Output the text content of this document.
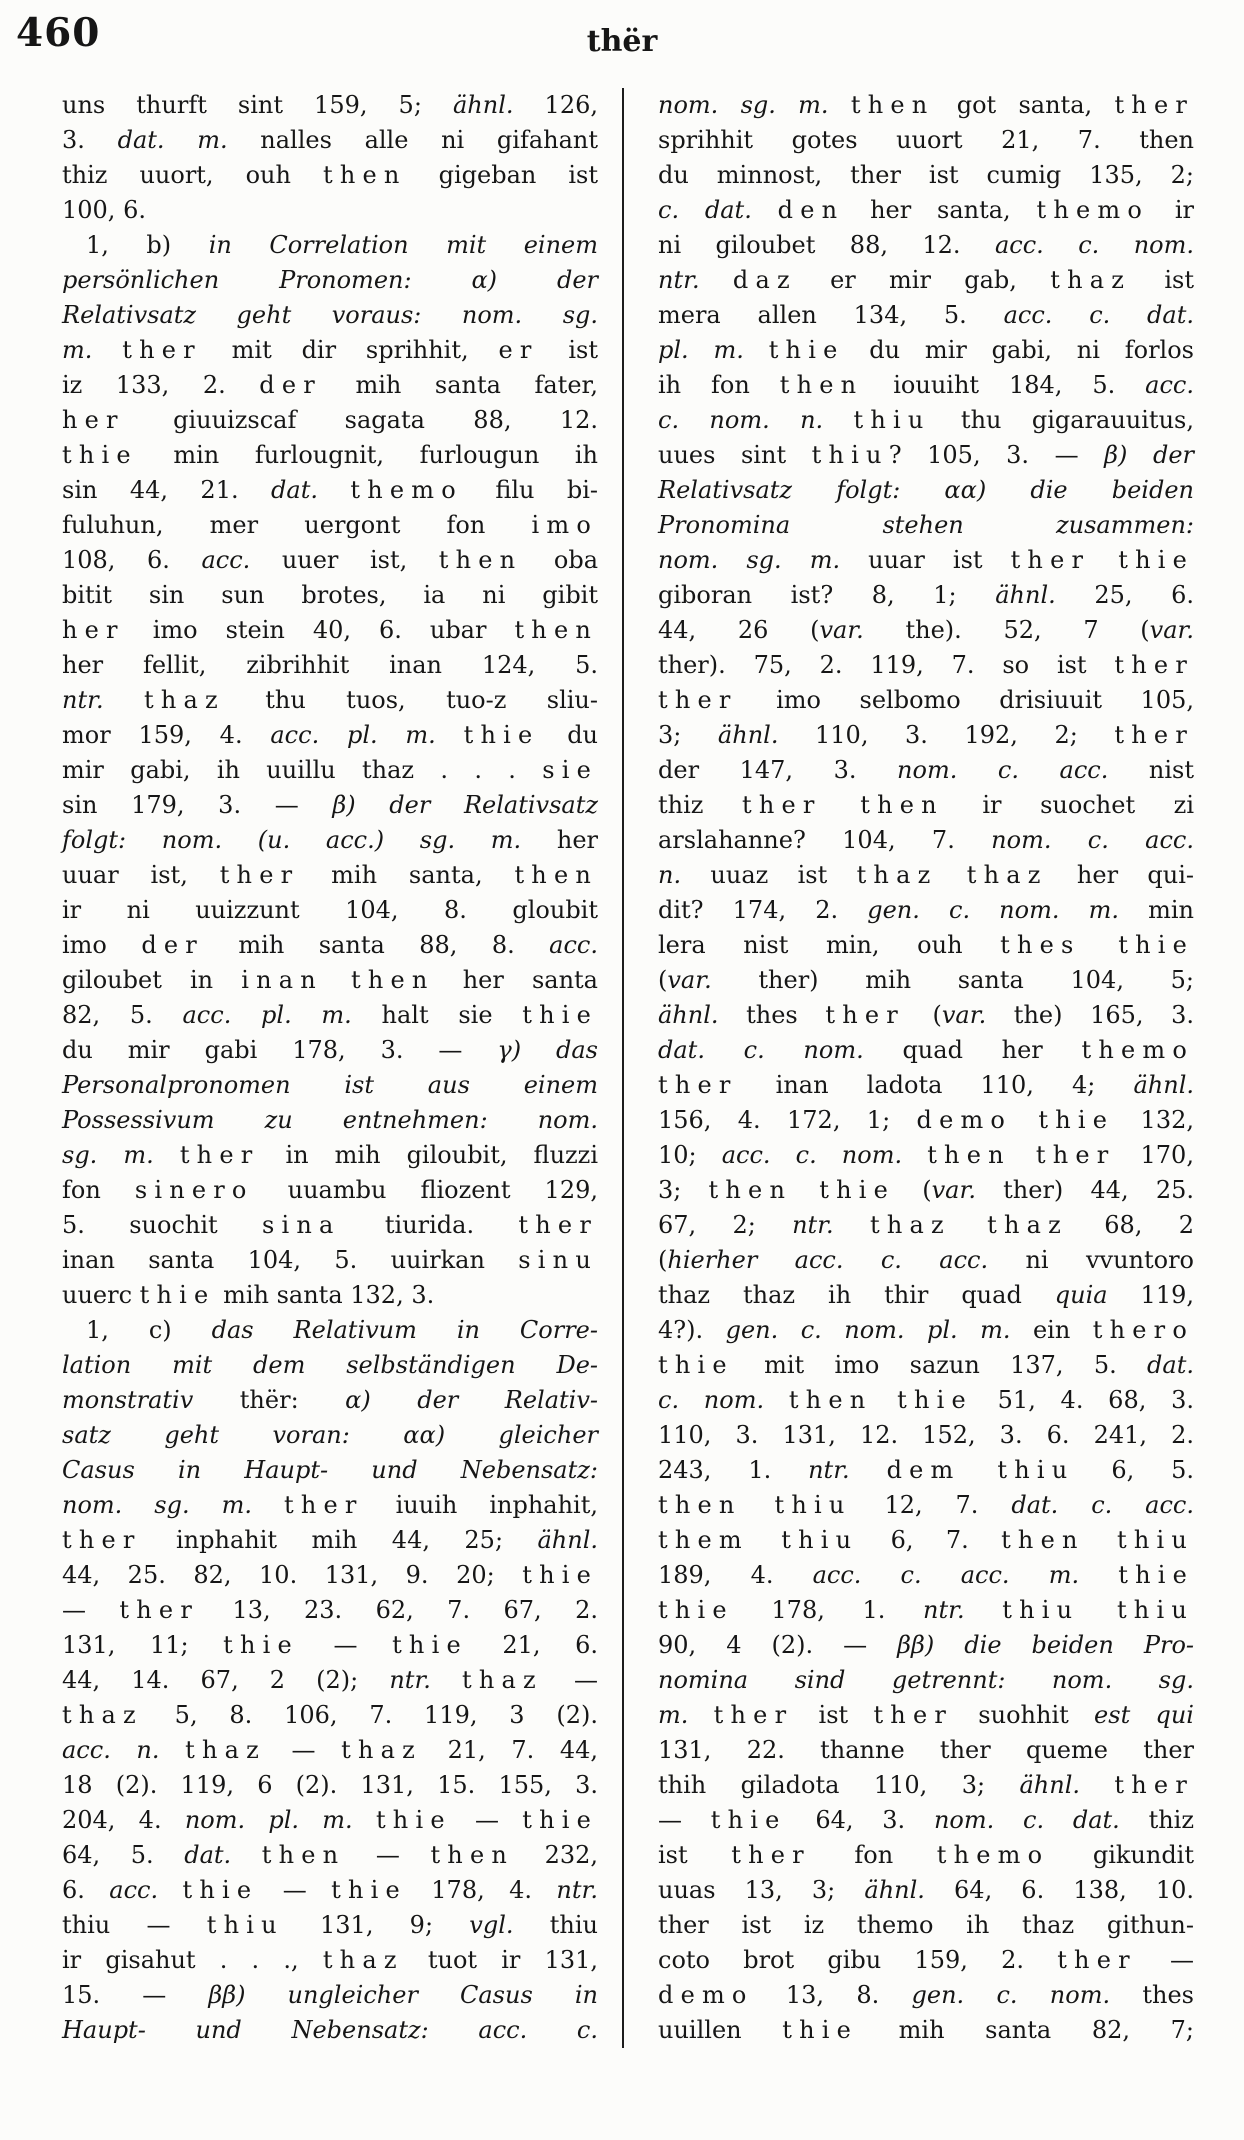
460	thër
uns thurft sint 159, 5; ähnl. 126,
3. dat. m. nalles alle ni gifahant
thiz uuort, ouh then gigeban ist
100, 6.
 1, b) in Correlation mit einem
persönlichen Pronomen: α) der
Relativsatz geht voraus: nom. sg.
m. ther mit dir sprihhit, er ist
iz 133, 2. der mih santa fater,
her giuuizscaf sagata 88, 12.
thie min furlougnit, furlougun ih
sin 44, 21. dat. themo filu bi-
fuluhun, mer uergont fon imo
108, 6. acc. uuer ist, then oba
bitit sin sun brotes, ia ni gibit
her imo stein 40, 6. ubar then
her fellit, zibrihhit inan 124, 5.
ntr. thaz thu tuos, tuo-z sliu-
mor 159, 4. acc. pl. m. thie du
mir gabi, ih uuillu thaz . . . sie
sin 179, 3. — β) der Relativsatz
folgt: nom. (u. acc.) sg. m. her
uuar ist, ther mih santa, then
ir ni uuizzunt 104, 8. gloubit
imo der mih santa 88, 8. acc.
giloubet in inan then her santa
82, 5. acc. pl. m. halt sie thie
du mir gabi 178, 3. — γ) das
Personalpronomen ist aus einem
Possessivum zu entnehmen: nom.
sg. m. ther in mih giloubit, fluzzi
fon sinero uuambu fliozent 129,
5. suochit sina tiurida. ther
inan santa 104, 5. uuirkan sinu
uuerc thie mih santa 132, 3.
 1, c) das Relativum in Corre-
lation mit dem selbständigen De-
monstrativ thër: α) der Relativ-
satz geht voran: αα) gleicher
Casus in Haupt- und Nebensatz:
nom. sg. m. ther iuuih inphahit,
ther inphahit mih 44, 25; ähnl.
44, 25. 82, 10. 131, 9. 20; thie
— ther 13, 23. 62, 7. 67, 2.
131, 11; thie — thie 21, 6.
44, 14. 67, 2 (2); ntr. thaz —
thaz 5, 8. 106, 7. 119, 3 (2).
acc. n. thaz — thaz 21, 7. 44,
18 (2). 119, 6 (2). 131, 15. 155, 3.
204, 4. nom. pl. m. thie — thie
64, 5. dat. then — then 232,
6. acc. thie — thie 178, 4. ntr.
thiu — thiu 131, 9; vgl. thiu
ir gisahut . . ., thaz tuot ir 131,
15. — ββ) ungleicher Casus in
Haupt- und Nebensatz: acc. c.
nom. sg. m. then got santa, ther
sprihhit gotes uuort 21, 7. then
du minnost, ther ist cumig 135, 2;
c. dat. den her santa, themo ir
ni giloubet 88, 12. acc. c. nom.
ntr. daz er mir gab, thaz ist
mera allen 134, 5. acc. c. dat.
pl. m. thie du mir gabi, ni forlos
ih fon then iouuiht 184, 5. acc.
c. nom. n. thiu thu gigarauuitus,
uues sint thiu? 105, 3. — β) der
Relativsatz folgt: αα) die beiden
Pronomina stehen zusammen:
nom. sg. m. uuar ist ther thie
giboran ist? 8, 1; ähnl. 25, 6.
44, 26 (var. the). 52, 7 (var.
ther). 75, 2. 119, 7. so ist ther
ther imo selbomo drisiuuit 105,
3; ähnl. 110, 3. 192, 2; ther
der 147, 3. nom. c. acc. nist
thiz ther then ir suochet zi
arslahanne? 104, 7. nom. c. acc.
n. uuaz ist thaz thaz her qui-
dit? 174, 2. gen. c. nom. m. min
lera nist min, ouh thes thie
(var. ther) mih santa 104, 5;
ähnl. thes ther (var. the) 165, 3.
dat. c. nom. quad her themo
ther inan ladota 110, 4; ähnl.
156, 4. 172, 1; demo thie 132,
10; acc. c. nom. then ther 170,
3; then thie (var. ther) 44, 25.
67, 2; ntr. thaz thaz 68, 2
(hierher acc. c. acc. ni vvuntoro
thaz thaz ih thir quad quia 119,
4?). gen. c. nom. pl. m. ein thero
thie mit imo sazun 137, 5. dat.
c. nom. then thie 51, 4. 68, 3.
110, 3. 131, 12. 152, 3. 6. 241, 2.
243, 1. ntr. dem thiu 6, 5.
then thiu 12, 7. dat. c. acc.
them thiu 6, 7. then thiu
189, 4. acc. c. acc. m. thie
thie 178, 1. ntr. thiu thiu
90, 4 (2). — ββ) die beiden Pro-
nomina sind getrennt: nom. sg.
m. ther ist ther suohhit est qui
131, 22. thanne ther queme ther
thih giladota 110, 3; ähnl. ther
— thie 64, 3. nom. c. dat. thiz
ist ther fon themo gikundit
uuas 13, 3; ähnl. 64, 6. 138, 10.
ther ist iz themo ih thaz githun-
coto brot gibu 159, 2. ther —
demo 13, 8. gen. c. nom. thes
uuillen thie mih santa 82, 7;
